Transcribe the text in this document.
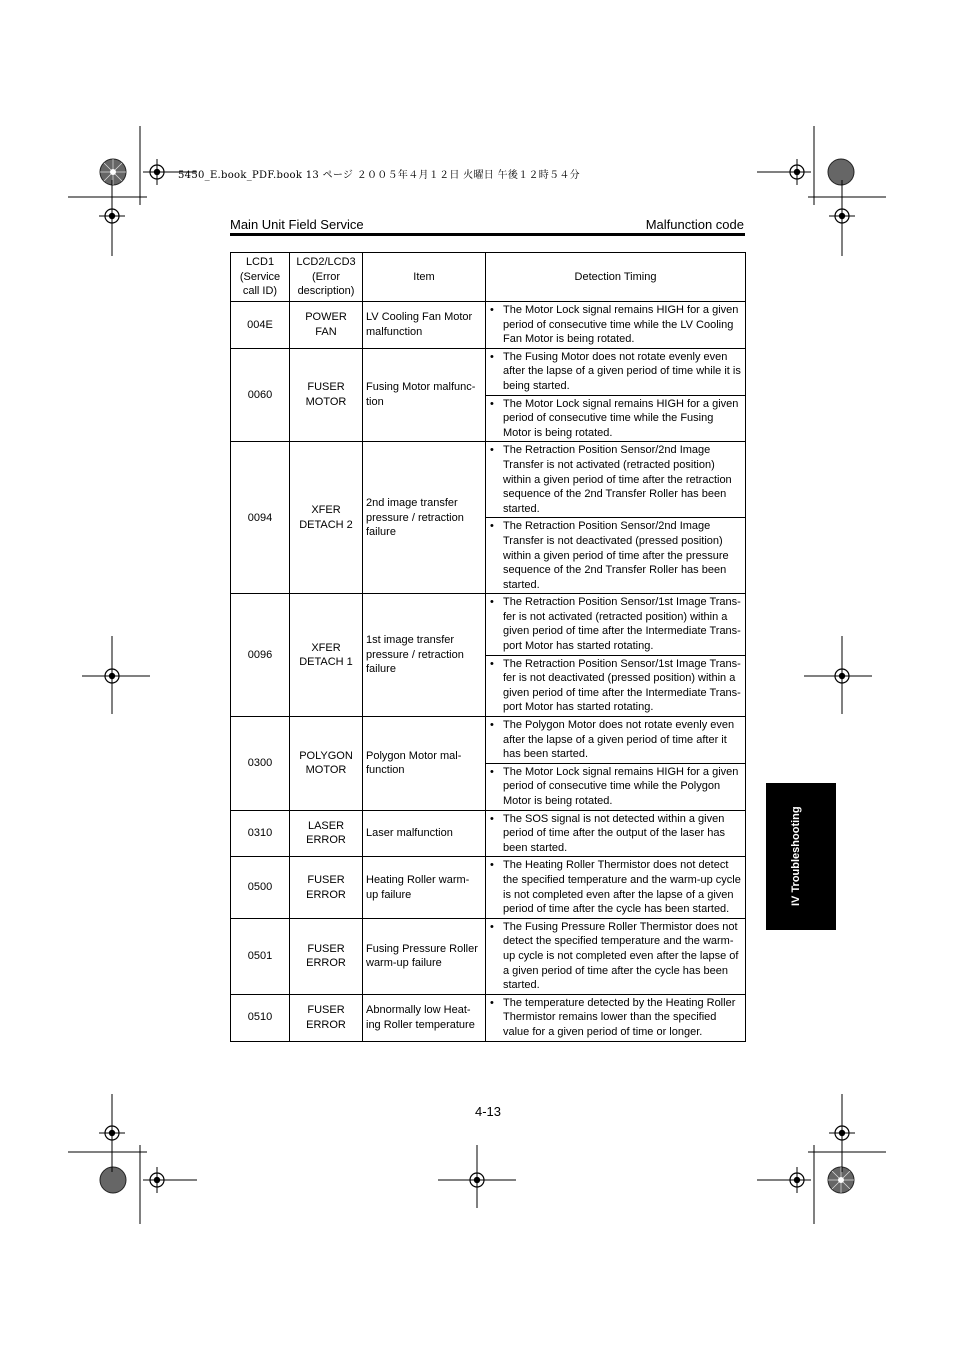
5450_E.book_PDF.book 13 ページ ２００５年４月１２日 火曜日 午後１２時５４分
Main Unit Field Service	Malfunction code
LCD1
(Service
call ID)	LCD2/LCD3
(Error
description)	Item	Detection Timing
004E	POWER
FAN	LV Cooling Fan Motor
malfunction	• The Motor Lock signal remains HIGH for a given period of consecutive time while the LV Cooling Fan Motor is being rotated.

0060	FUSER
MOTOR	Fusing Motor malfunc-
tion	• The Fusing Motor does not rotate evenly even after the lapse of a given period of time while it is being started.

			• The Motor Lock signal remains HIGH for a given period of consecutive time while the Fusing Motor is being rotated.

0094	XFER
DETACH 2	2nd image transfer
pressure / retraction
failure	• The Retraction Position Sensor/2nd Image Transfer is not activated (retracted position) within a given period of time after the retraction sequence of the 2nd Transfer Roller has been started.

			• The Retraction Position Sensor/2nd Image Transfer is not deactivated (pressed position) within a given period of time after the pressure sequence of the 2nd Transfer Roller has been started.

0096	XFER
DETACH 1	1st image transfer
pressure / retraction
failure	• The Retraction Position Sensor/1st Image Trans-
fer is not activated (retracted position) within a given period of time after the Intermediate Trans-
port Motor has started rotating.

			• The Retraction Position Sensor/1st Image Trans-
fer is not deactivated (pressed position) within a given period of time after the Intermediate Trans-
port Motor has started rotating.

0300	POLYGON
MOTOR	Polygon Motor mal-
function	• The Polygon Motor does not rotate evenly even after the lapse of a given period of time after it has been started.

			• The Motor Lock signal remains HIGH for a given period of consecutive time while the Polygon Motor is being rotated.

0310	LASER
ERROR	Laser malfunction	• The SOS signal is not detected within a given period of time after the output of the laser has been started.

0500	FUSER
ERROR	Heating Roller warm-
up failure	• The Heating Roller Thermistor does not detect the specified temperature and the warm-up cycle is not completed even after the lapse of a given period of time after the cycle has been started.

0501	FUSER
ERROR	Fusing Pressure Roller
warm-up failure	• The Fusing Pressure Roller Thermistor does not detect the specified temperature and the warm-
up cycle is not completed even after the lapse of a given period of time after the cycle has been started.

0510	FUSER
ERROR	Abnormally low Heat-
ing Roller temperature	• The temperature detected by the Heating Roller Thermistor remains lower than the specified value for a given period of time or longer.
IV Troubleshooting
4-13
